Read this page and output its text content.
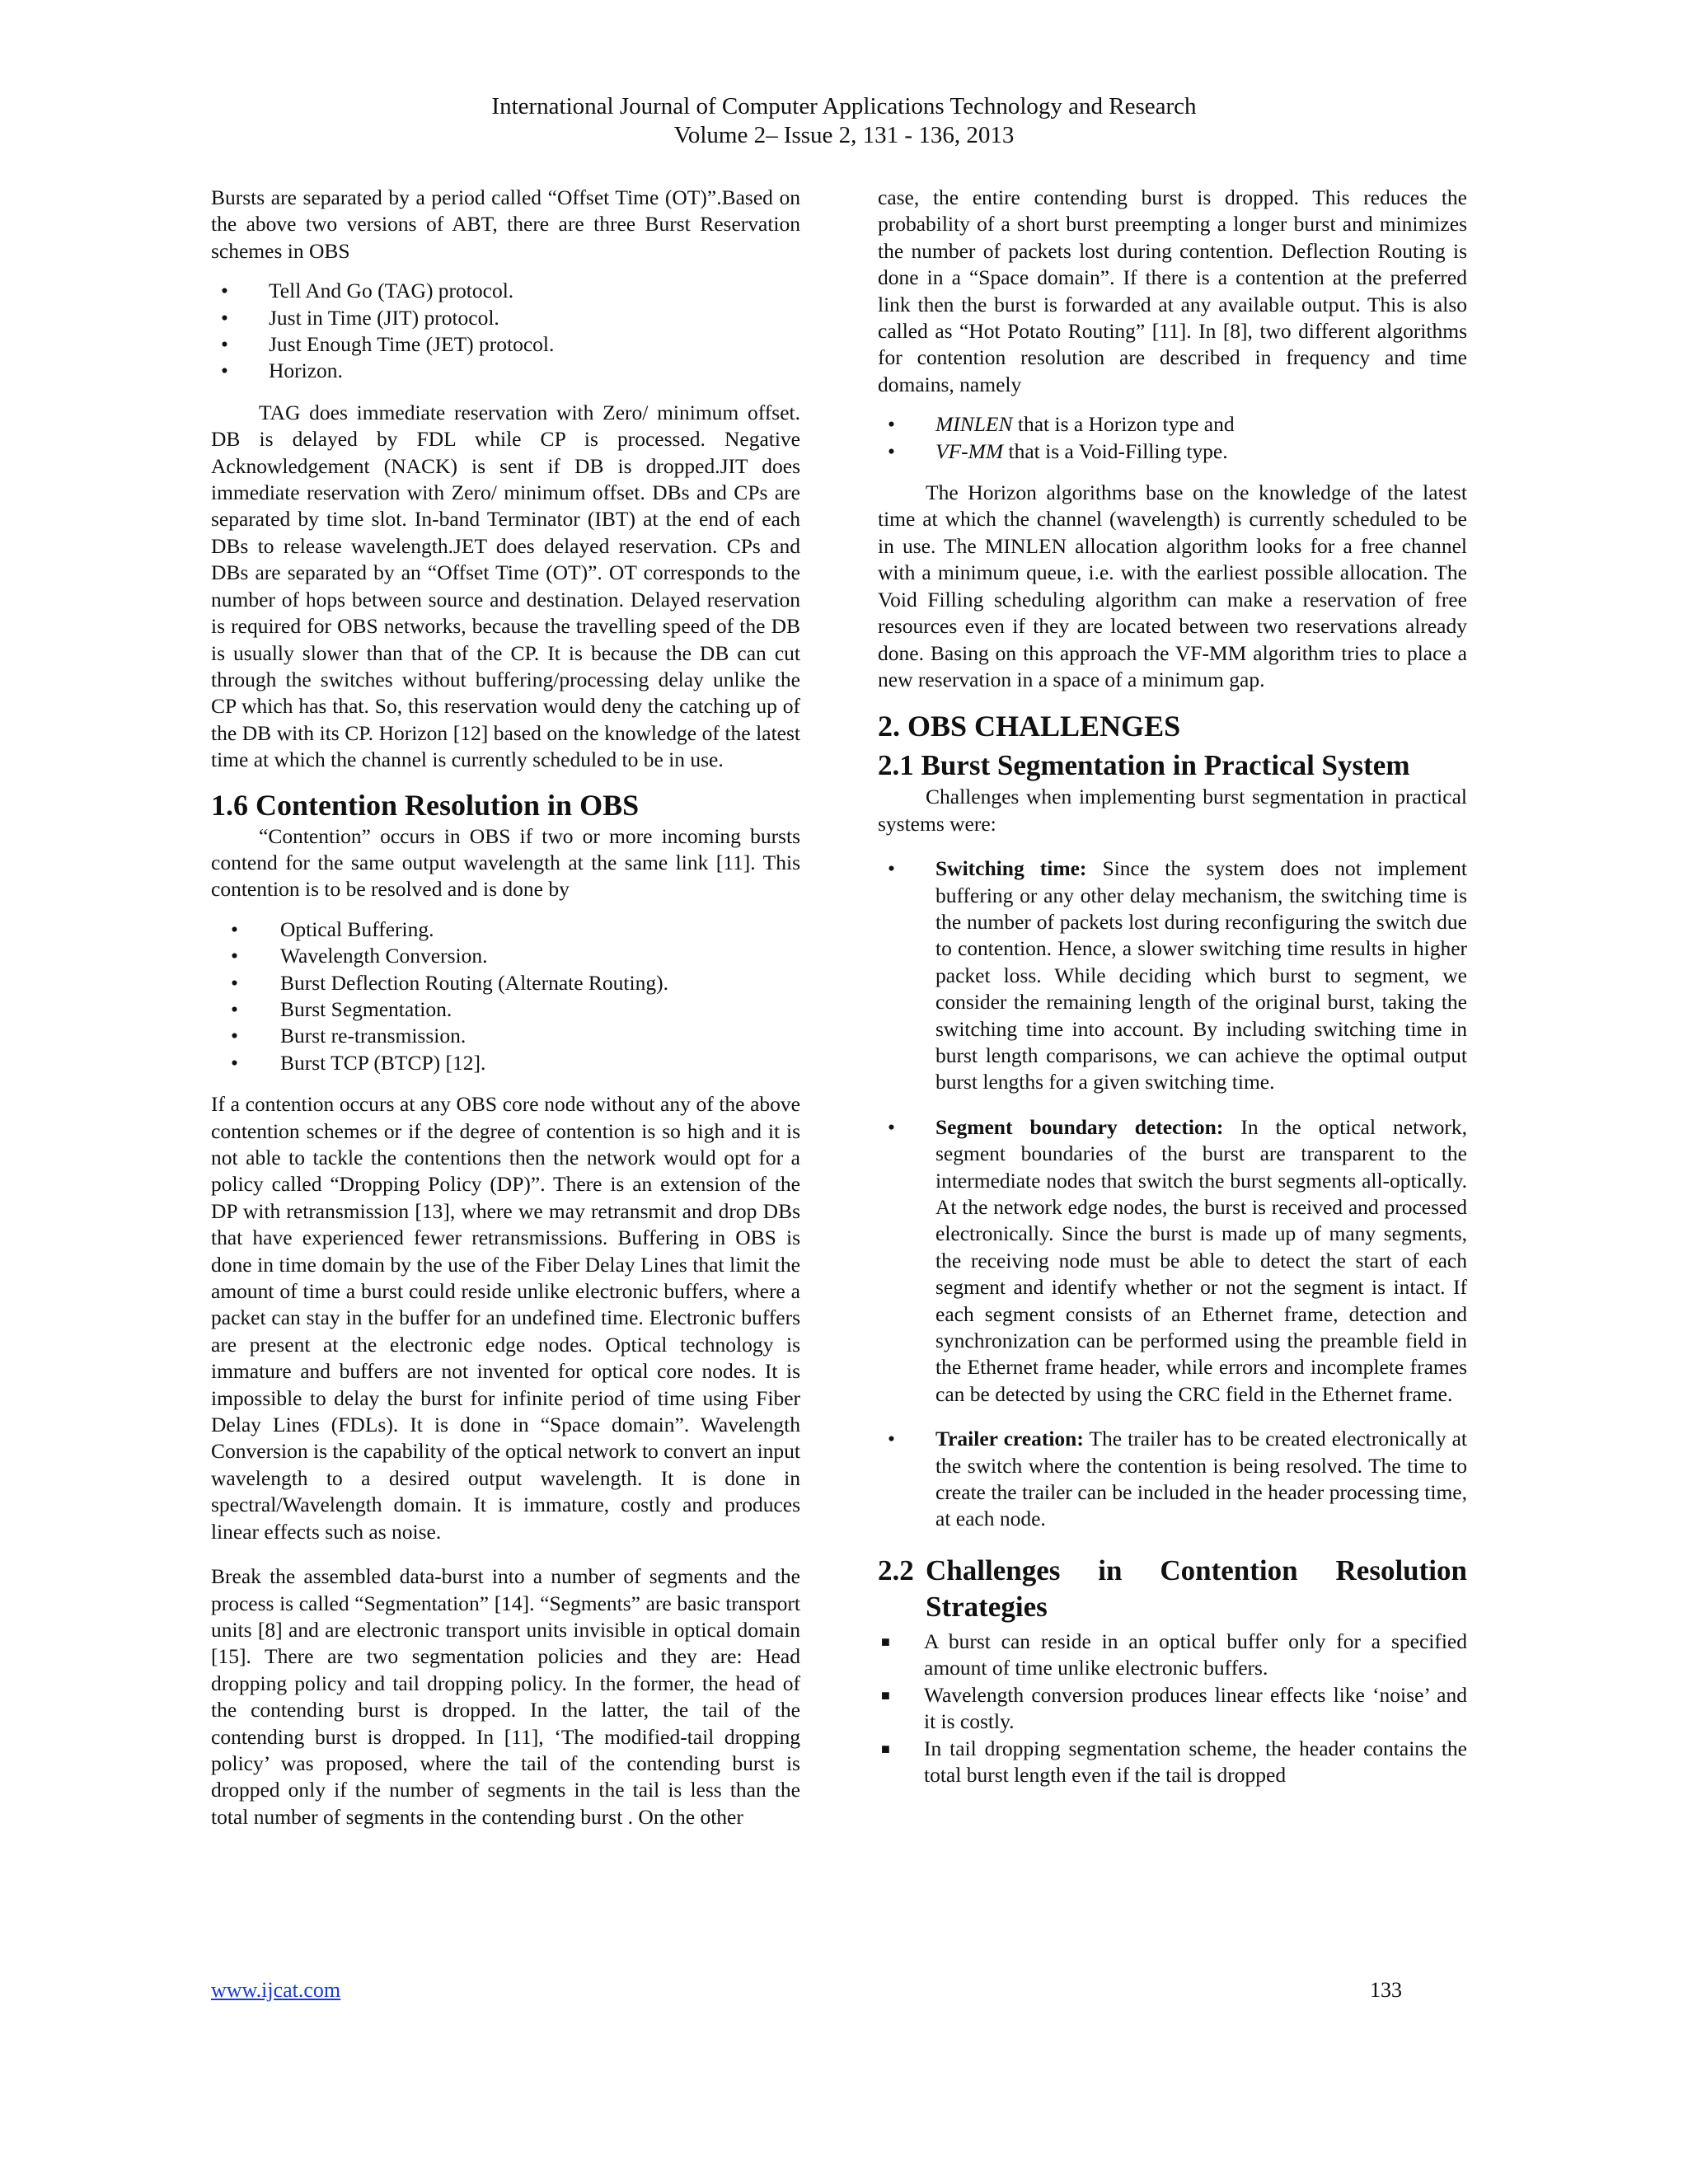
International Journal of Computer Applications Technology and Research
Volume 2– Issue 2, 131 - 136, 2013

Bursts are separated by a period called “Offset Time (OT)”.Based on the above two versions of ABT, there are three Burst Reservation schemes in OBS

• Tell And Go (TAG) protocol.
• Just in Time (JIT) protocol.
• Just Enough Time (JET) protocol.
• Horizon.

TAG does immediate reservation with Zero/ minimum offset. DB is delayed by FDL while CP is processed. Negative Acknowledgement (NACK) is sent if DB is dropped.JIT does immediate reservation with Zero/ minimum offset. DBs and CPs are separated by time slot. In-band Terminator (IBT) at the end of each DBs to release wavelength.JET does delayed reservation. CPs and DBs are separated by an “Offset Time (OT)”. OT corresponds to the number of hops between source and destination. Delayed reservation is required for OBS networks, because the travelling speed of the DB is usually slower than that of the CP. It is because the DB can cut through the switches without buffering/processing delay unlike the CP which has that. So, this reservation would deny the catching up of the DB with its CP. Horizon [12] based on the knowledge of the latest time at which the channel is currently scheduled to be in use.

1.6 Contention Resolution in OBS

“Contention” occurs in OBS if two or more incoming bursts contend for the same output wavelength at the same link [11]. This contention is to be resolved and is done by

• Optical Buffering.
• Wavelength Conversion.
• Burst Deflection Routing (Alternate Routing).
• Burst Segmentation.
• Burst re-transmission.
• Burst TCP (BTCP) [12].

If a contention occurs at any OBS core node without any of the above contention schemes or if the degree of contention is so high and it is not able to tackle the contentions then the network would opt for a policy called “Dropping Policy (DP)”. There is an extension of the DP with retransmission [13], where we may retransmit and drop DBs that have experienced fewer retransmissions. Buffering in OBS is done in time domain by the use of the Fiber Delay Lines that limit the amount of time a burst could reside unlike electronic buffers, where a packet can stay in the buffer for an undefined time. Electronic buffers are present at the electronic edge nodes. Optical technology is immature and buffers are not invented for optical core nodes. It is impossible to delay the burst for infinite period of time using Fiber Delay Lines (FDLs). It is done in “Space domain”. Wavelength Conversion is the capability of the optical network to convert an input wavelength to a desired output wavelength. It is done in spectral/Wavelength domain. It is immature, costly and produces linear effects such as noise.

Break the assembled data-burst into a number of segments and the process is called “Segmentation” [14]. “Segments” are basic transport units [8] and are electronic transport units invisible in optical domain [15]. There are two segmentation policies and they are: Head dropping policy and tail dropping policy. In the former, the head of the contending burst is dropped. In the latter, the tail of the contending burst is dropped. In [11], ‘The modified-tail dropping policy’ was proposed, where the tail of the contending burst is dropped only if the number of segments in the tail is less than the total number of segments in the contending burst . On the other

case, the entire contending burst is dropped. This reduces the probability of a short burst preempting a longer burst and minimizes the number of packets lost during contention. Deflection Routing is done in a “Space domain”. If there is a contention at the preferred link then the burst is forwarded at any available output. This is also called as “Hot Potato Routing” [11]. In [8], two different algorithms for contention resolution are described in frequency and time domains, namely

• MINLEN that is a Horizon type and
• VF-MM that is a Void-Filling type.

The Horizon algorithms base on the knowledge of the latest time at which the channel (wavelength) is currently scheduled to be in use. The MINLEN allocation algorithm looks for a free channel with a minimum queue, i.e. with the earliest possible allocation. The Void Filling scheduling algorithm can make a reservation of free resources even if they are located between two reservations already done. Basing on this approach the VF-MM algorithm tries to place a new reservation in a space of a minimum gap.

2. OBS CHALLENGES
2.1 Burst Segmentation in Practical System

Challenges when implementing burst segmentation in practical systems were:

• Switching time: Since the system does not implement buffering or any other delay mechanism, the switching time is the number of packets lost during reconfiguring the switch due to contention. Hence, a slower switching time results in higher packet loss. While deciding which burst to segment, we consider the remaining length of the original burst, taking the switching time into account. By including switching time in burst length comparisons, we can achieve the optimal output burst lengths for a given switching time.
• Segment boundary detection: In the optical network, segment boundaries of the burst are transparent to the intermediate nodes that switch the burst segments all-optically. At the network edge nodes, the burst is received and processed electronically. Since the burst is made up of many segments, the receiving node must be able to detect the start of each segment and identify whether or not the segment is intact. If each segment consists of an Ethernet frame, detection and synchronization can be performed using the preamble field in the Ethernet frame header, while errors and incomplete frames can be detected by using the CRC field in the Ethernet frame.
• Trailer creation: The trailer has to be created electronically at the switch where the contention is being resolved. The time to create the trailer can be included in the header processing time, at each node.
2.2 Challenges in Contention Resolution Strategies
■ A burst can reside in an optical buffer only for a specified amount of time unlike electronic buffers.
■ Wavelength conversion produces linear effects like ‘noise’ and it is costly.
■ In tail dropping segmentation scheme, the header contains the total burst length even if the tail is dropped
www.ijcat.com	133
